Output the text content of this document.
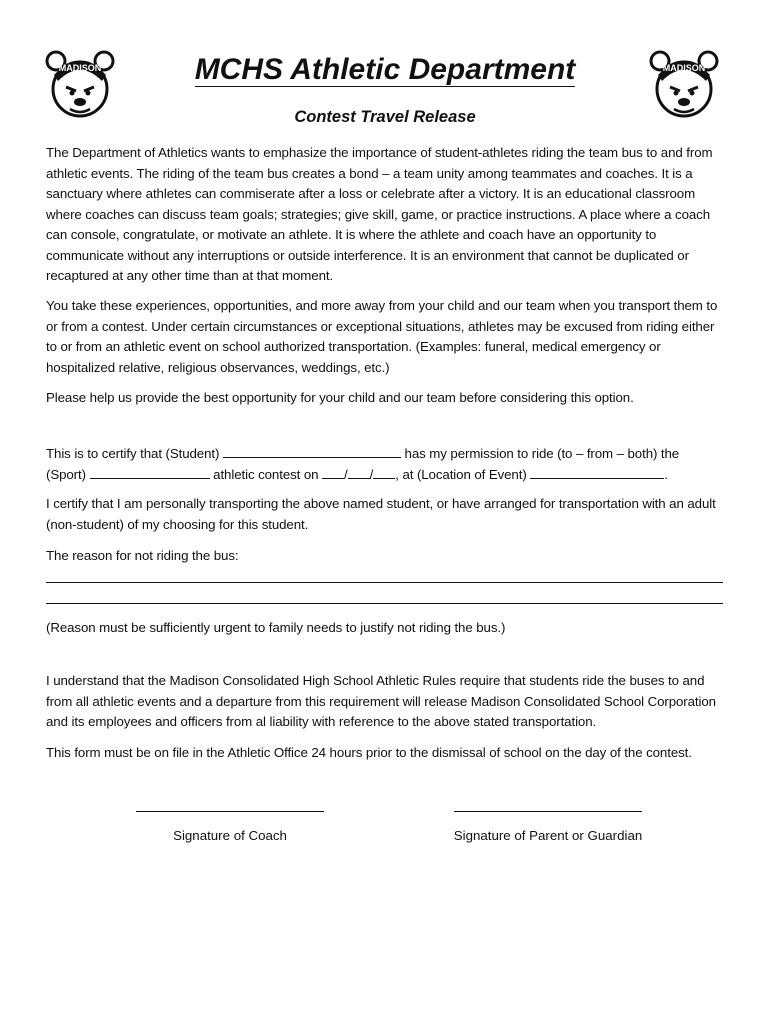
MADISON	MADISON
MCHS Athletic Department
Contest Travel Release
The Department of Athletics wants to emphasize the importance of student-athletes riding the team bus to and from athletic events. The riding of the team bus creates a bond – a team unity among teammates and coaches. It is a sanctuary where athletes can commiserate after a loss or celebrate after a victory. It is an educational classroom where coaches can discuss team goals; strategies; give skill, game, or practice instructions. A place where a coach can console, congratulate, or motivate an athlete. It is where the athlete and coach have an opportunity to communicate without any interruptions or outside interference. It is an environment that cannot be duplicated or recaptured at any other time than at that moment.
You take these experiences, opportunities, and more away from your child and our team when you transport them to or from a contest. Under certain circumstances or exceptional situations, athletes may be excused from riding either to or from an athletic event on school authorized transportation. (Examples: funeral, medical emergency or hospitalized relative, religious observances, weddings, etc.)
Please help us provide the best opportunity for your child and our team before considering this option.
This is to certify that (Student)	has my permission to ride (to – from – both) the
(Sport)	athletic contest on / / , at (Location of Event)	.
I certify that I am personally transporting the above named student, or have arranged for transportation with an adult (non-student) of my choosing for this student.
The reason for not riding the bus:
(Reason must be sufficiently urgent to family needs to justify not riding the bus.)
I understand that the Madison Consolidated High School Athletic Rules require that students ride the buses to and from all athletic events and a departure from this requirement will release Madison Consolidated School Corporation and its employees and officers from al liability with reference to the above stated transportation.
This form must be on file in the Athletic Office 24 hours prior to the dismissal of school on the day of the contest.
Signature of Coach	Signature of Parent or Guardian
